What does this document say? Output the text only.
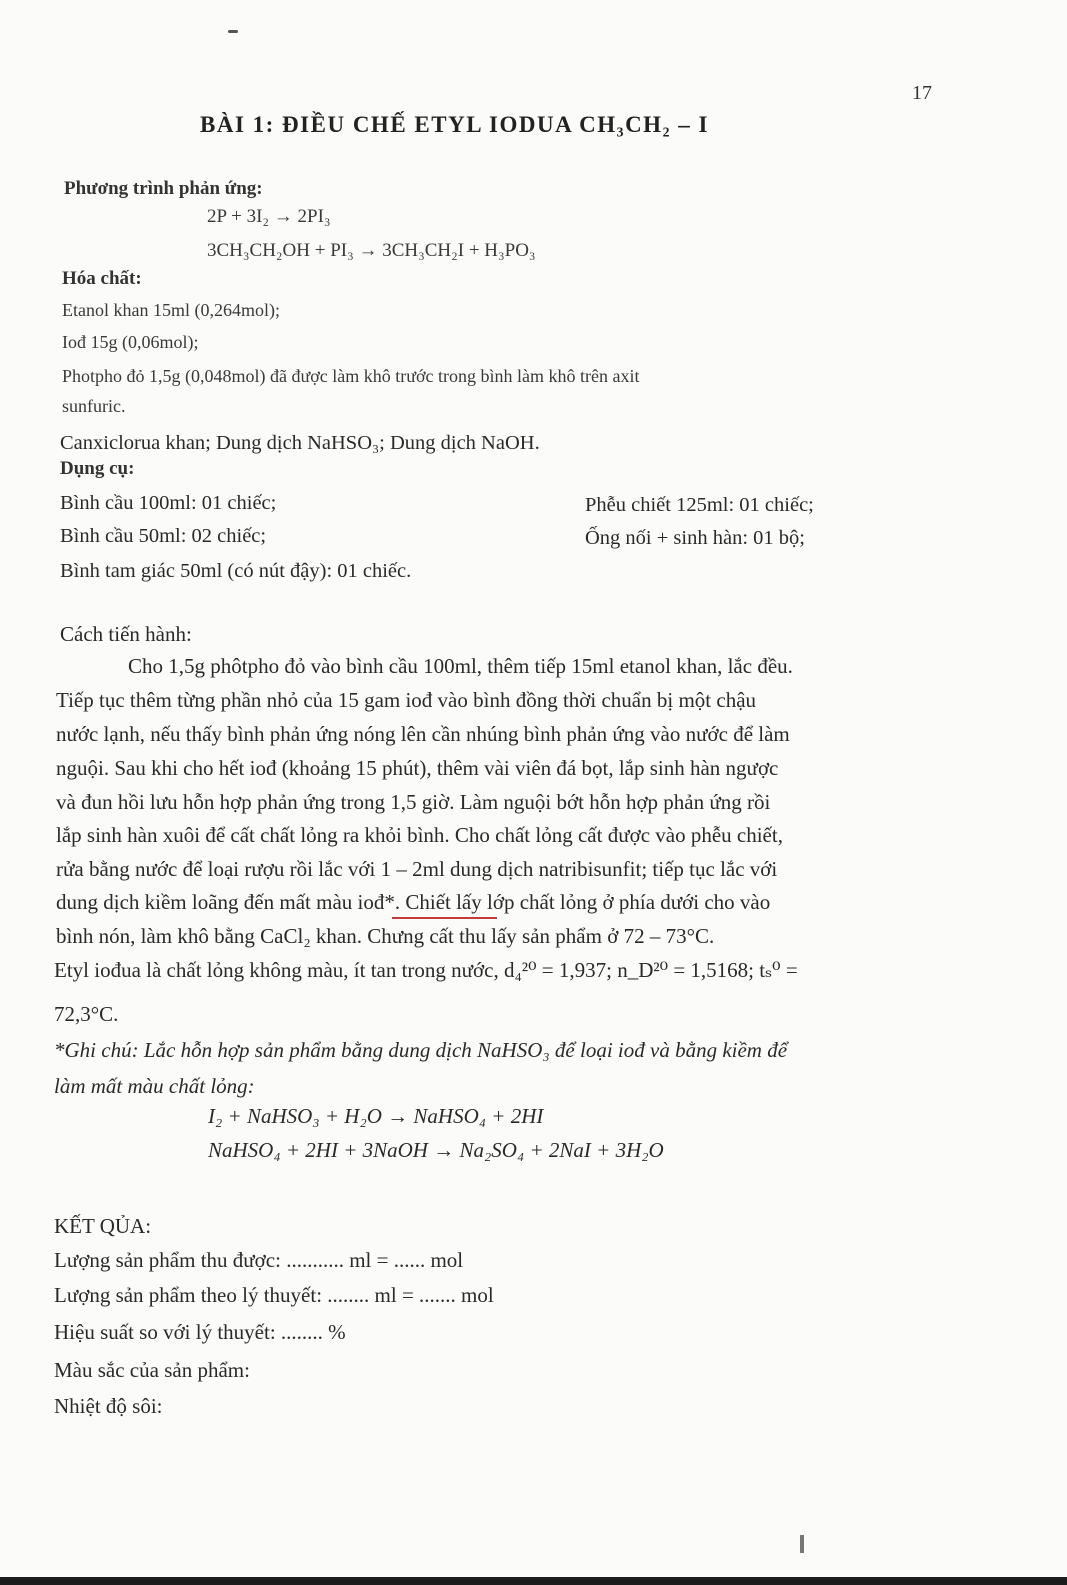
17
BÀI 1: ĐIỀU CHẾ ETYL IODUA CH₃CH₂ – I
Phương trình phản ứng:
2P + 3I₂ → 2PI₃
3CH₃CH₂OH + PI₃ → 3CH₃CH₂I + H₃PO₃
Hóa chất:
Etanol khan 15ml (0,264mol);
Iođ 15g (0,06mol);
Photpho đỏ 1,5g (0,048mol) đã được làm khô trước trong bình làm khô trên axit
sunfuric.
Canxiclorua khan; Dung dịch NaHSO₃; Dung dịch NaOH.
Dụng cụ:
Bình cầu 100ml: 01 chiếc;
Bình cầu 50ml: 02 chiếc;
Bình tam giác 50ml (có nút đậy): 01 chiếc.
Phễu chiết 125ml: 01 chiếc;
Ống nối + sinh hàn: 01 bộ;
Cách tiến hành:
Cho 1,5g phôtpho đỏ vào bình cầu 100ml, thêm tiếp 15ml etanol khan, lắc đều.
Tiếp tục thêm từng phần nhỏ của 15 gam iođ vào bình đồng thời chuẩn bị một chậu
nước lạnh, nếu thấy bình phản ứng nóng lên cần nhúng bình phản ứng vào nước để làm
nguội. Sau khi cho hết iođ (khoảng 15 phút), thêm vài viên đá bọt, lắp sinh hàn ngược
và đun hồi lưu hỗn hợp phản ứng trong 1,5 giờ. Làm nguội bớt hỗn hợp phản ứng rồi
lắp sinh hàn xuôi để cất chất lỏng ra khỏi bình. Cho chất lỏng cất được vào phễu chiết,
rửa bằng nước để loại rượu rồi lắc với 1 – 2ml dung dịch natribisunfit; tiếp tục lắc với
dung dịch kiềm loãng đến mất màu iođ*. Chiết lấy lớp chất lỏng ở phía dưới cho vào
bình nón, làm khô bằng CaCl₂ khan. Chưng cất thu lấy sản phẩm ở 72 – 73°C.
Etyl iođua là chất lỏng không màu, ít tan trong nước, d₄²⁰ = 1,937; n_D²⁰ = 1,5168; tₛ⁰ =
72,3°C.
*Ghi chú: Lắc hỗn hợp sản phẩm bằng dung dịch NaHSO₃ để loại iođ và bằng kiềm để
làm mất màu chất lỏng:
I₂ + NaHSO₃ + H₂O → NaHSO₄ + 2HI
NaHSO₄ + 2HI + 3NaOH → Na₂SO₄ + 2NaI + 3H₂O
KẾT QỦA:
Lượng sản phẩm thu được: ........... ml = ...... mol
Lượng sản phẩm theo lý thuyết: ........ ml = ....... mol
Hiệu suất so với lý thuyết: ........ %
Màu sắc của sản phẩm:
Nhiệt độ sôi:
